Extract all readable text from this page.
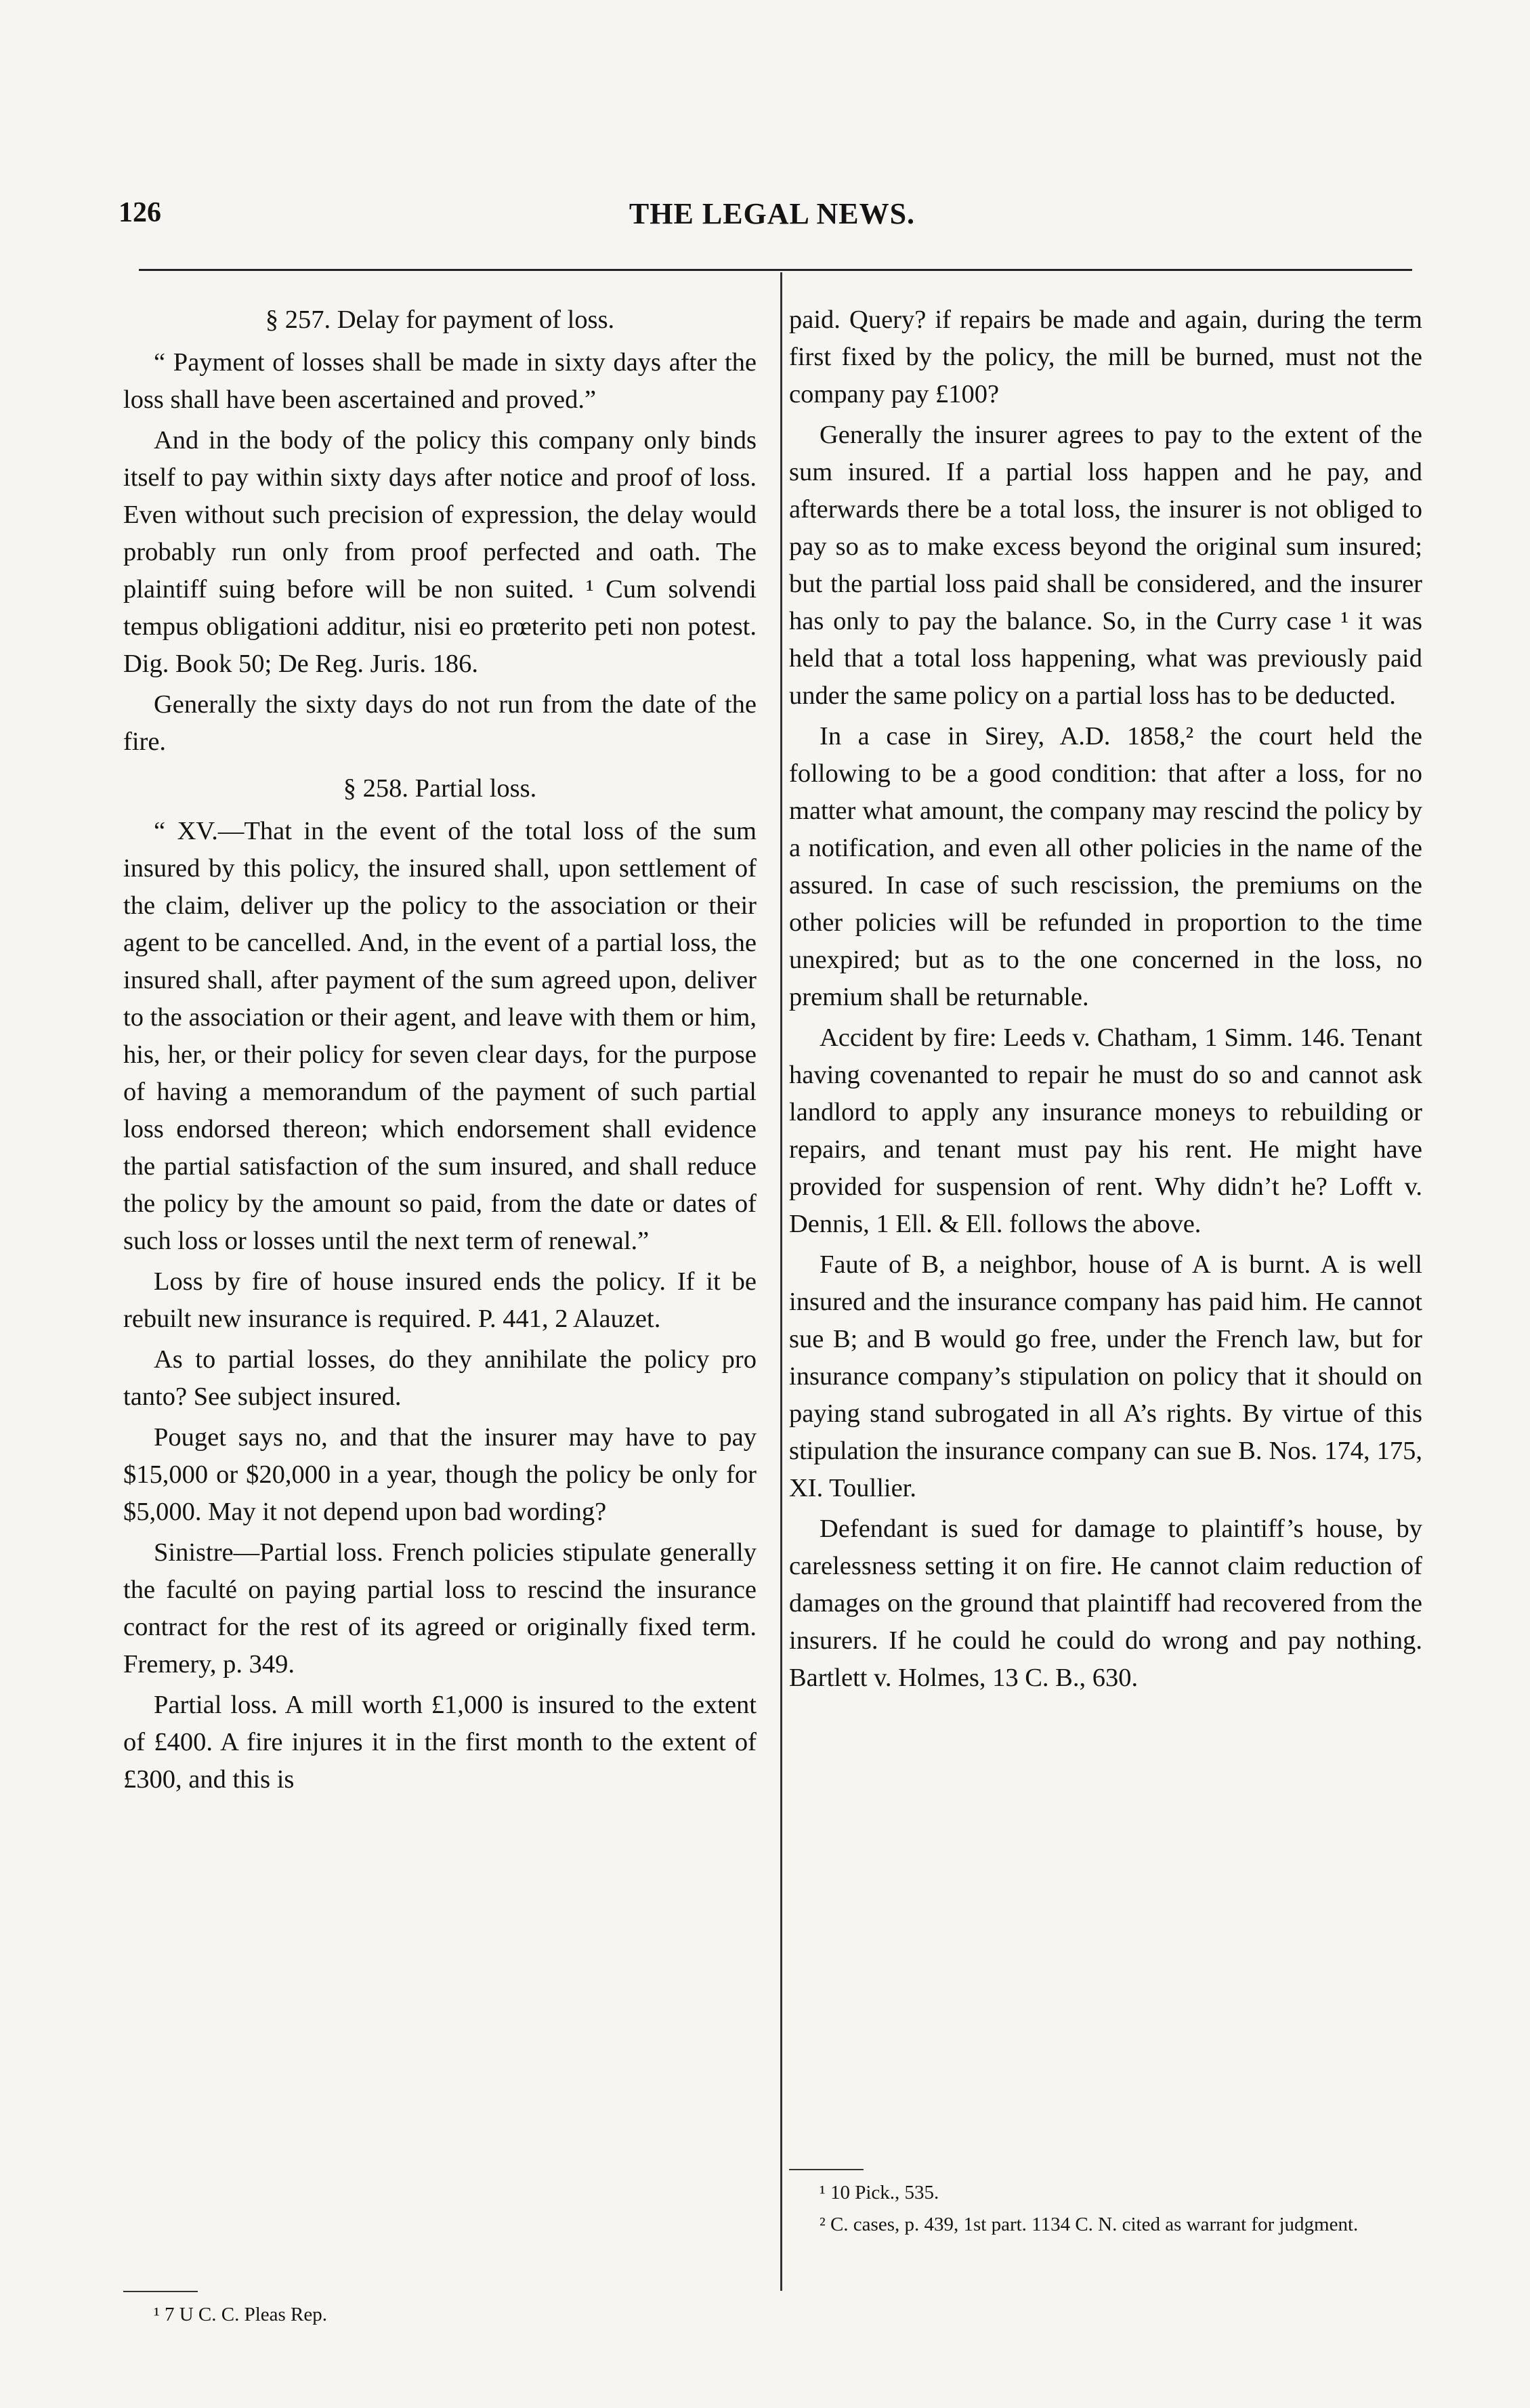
126	THE LEGAL NEWS.

§ 257. Delay for payment of loss.

“ Payment of losses shall be made in sixty days after the loss shall have been ascertained and proved.”

And in the body of the policy this company only binds itself to pay within sixty days after notice and proof of loss. Even without such precision of expression, the delay would probably run only from proof perfected and oath. The plaintiff suing before will be non suited. ¹ Cum solvendi tempus obligationi additur, nisi eo prœterito peti non potest. Dig. Book 50; De Reg. Juris. 186.

Generally the sixty days do not run from the date of the fire.

§ 258. Partial loss.

“ XV.—That in the event of the total loss of the sum insured by this policy, the insured shall, upon settlement of the claim, deliver up the policy to the association or their agent to be cancelled. And, in the event of a partial loss, the insured shall, after payment of the sum agreed upon, deliver to the association or their agent, and leave with them or him, his, her, or their policy for seven clear days, for the purpose of having a memorandum of the payment of such partial loss endorsed thereon; which endorsement shall evidence the partial satisfaction of the sum insured, and shall reduce the policy by the amount so paid, from the date or dates of such loss or losses until the next term of renewal.”

Loss by fire of house insured ends the policy. If it be rebuilt new insurance is required. P. 441, 2 Alauzet.

As to partial losses, do they annihilate the policy pro tanto? See subject insured.

Pouget says no, and that the insurer may have to pay $15,000 or $20,000 in a year, though the policy be only for $5,000. May it not depend upon bad wording?

Sinistre—Partial loss. French policies stipulate generally the faculté on paying partial loss to rescind the insurance contract for the rest of its agreed or originally fixed term. Fremery, p. 349.

Partial loss. A mill worth £1,000 is insured to the extent of £400. A fire injures it in the first month to the extent of £300, and this is

¹ 7 U C. C. Pleas Rep.

paid. Query? if repairs be made and again, during the term first fixed by the policy, the mill be burned, must not the company pay £100?

Generally the insurer agrees to pay to the extent of the sum insured. If a partial loss happen and he pay, and afterwards there be a total loss, the insurer is not obliged to pay so as to make excess beyond the original sum insured; but the partial loss paid shall be considered, and the insurer has only to pay the balance. So, in the Curry case ¹ it was held that a total loss happening, what was previously paid under the same policy on a partial loss has to be deducted.

In a case in Sirey, A.D. 1858,² the court held the following to be a good condition: that after a loss, for no matter what amount, the company may rescind the policy by a notification, and even all other policies in the name of the assured. In case of such rescission, the premiums on the other policies will be refunded in proportion to the time unexpired; but as to the one concerned in the loss, no premium shall be returnable.

Accident by fire: Leeds v. Chatham, 1 Simm. 146. Tenant having covenanted to repair he must do so and cannot ask landlord to apply any insurance moneys to rebuilding or repairs, and tenant must pay his rent. He might have provided for suspension of rent. Why didn’t he? Lofft v. Dennis, 1 Ell. & Ell. follows the above.

Faute of B, a neighbor, house of A is burnt. A is well insured and the insurance company has paid him. He cannot sue B; and B would go free, under the French law, but for insurance company’s stipulation on policy that it should on paying stand subrogated in all A’s rights. By virtue of this stipulation the insurance company can sue B. Nos. 174, 175, XI. Toullier.

Defendant is sued for damage to plaintiff’s house, by carelessness setting it on fire. He cannot claim reduction of damages on the ground that plaintiff had recovered from the insurers. If he could he could do wrong and pay nothing. Bartlett v. Holmes, 13 C. B., 630.

¹ 10 Pick., 535.

² C. cases, p. 439, 1st part. 1134 C. N. cited as warrant for judgment.
